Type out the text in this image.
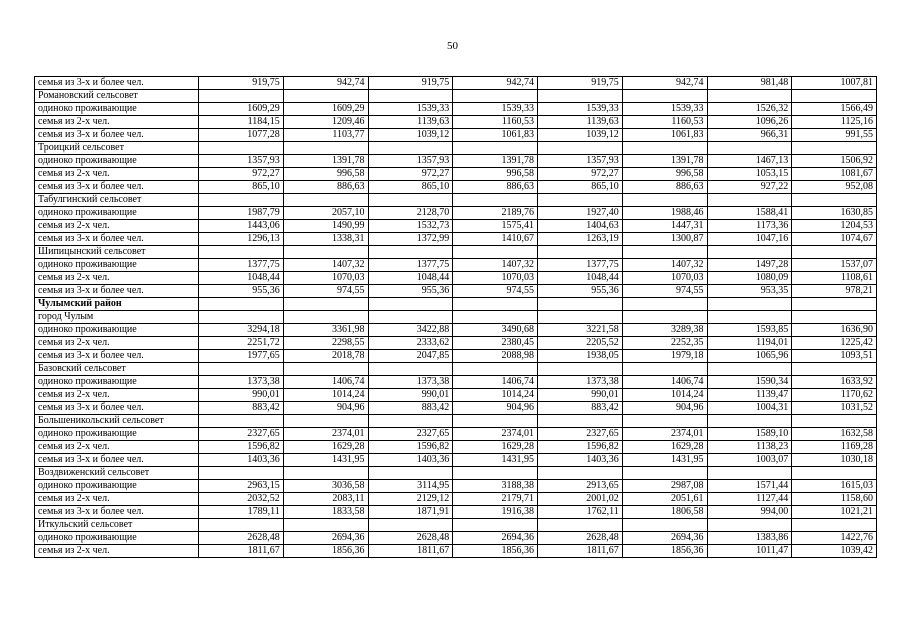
50
семья из 3-х и более чел.	919,75	942,74	919,75	942,74	919,75	942,74	981,48	1007,81
Романовский сельсовет								
одиноко проживающие	1609,29	1609,29	1539,33	1539,33	1539,33	1539,33	1526,32	1566,49
семья из 2-х чел.	1184,15	1209,46	1139,63	1160,53	1139,63	1160,53	1096,26	1125,16
семья из 3-х и более чел.	1077,28	1103,77	1039,12	1061,83	1039,12	1061,83	966,31	991,55
Троицкий сельсовет								
одиноко проживающие	1357,93	1391,78	1357,93	1391,78	1357,93	1391,78	1467,13	1506,92
семья из 2-х чел.	972,27	996,58	972,27	996,58	972,27	996,58	1053,15	1081,67
семья из 3-х и более чел.	865,10	886,63	865,10	886,63	865,10	886,63	927,22	952,08
Табулгинский сельсовет								
одиноко проживающие	1987,79	2057,10	2128,70	2189,76	1927,40	1988,46	1588,41	1630,85
семья из 2-х чел.	1443,06	1490,99	1532,73	1575,41	1404,63	1447,31	1173,36	1204,53
семья из 3-х и более чел.	1296,13	1338,31	1372,99	1410,67	1263,19	1300,87	1047,16	1074,67
Шипицынский сельсовет								
одиноко проживающие	1377,75	1407,32	1377,75	1407,32	1377,75	1407,32	1497,28	1537,07
семья из 2-х чел.	1048,44	1070,03	1048,44	1070,03	1048,44	1070,03	1080,09	1108,61
семья из 3-х и более чел.	955,36	974,55	955,36	974,55	955,36	974,55	953,35	978,21
Чулымский район								
город Чулым								
одиноко проживающие	3294,18	3361,98	3422,88	3490,68	3221,58	3289,38	1593,85	1636,90
семья из 2-х чел.	2251,72	2298,55	2333,62	2380,45	2205,52	2252,35	1194,01	1225,42
семья из 3-х и более чел.	1977,65	2018,78	2047,85	2088,98	1938,05	1979,18	1065,96	1093,51
Базовский сельсовет								
одиноко проживающие	1373,38	1406,74	1373,38	1406,74	1373,38	1406,74	1590,34	1633,92
семья из 2-х чел.	990,01	1014,24	990,01	1014,24	990,01	1014,24	1139,47	1170,62
семья из 3-х и более чел.	883,42	904,96	883,42	904,96	883,42	904,96	1004,31	1031,52
Большеникольский сельсовет								
одиноко проживающие	2327,65	2374,01	2327,65	2374,01	2327,65	2374,01	1589,10	1632,58
семья из 2-х чел.	1596,82	1629,28	1596,82	1629,28	1596,82	1629,28	1138,23	1169,28
семья из 3-х и более чел.	1403,36	1431,95	1403,36	1431,95	1403,36	1431,95	1003,07	1030,18
Воздвиженский сельсовет								
одиноко проживающие	2963,15	3036,58	3114,95	3188,38	2913,65	2987,08	1571,44	1615,03
семья из 2-х чел.	2032,52	2083,11	2129,12	2179,71	2001,02	2051,61	1127,44	1158,60
семья из 3-х и более чел.	1789,11	1833,58	1871,91	1916,38	1762,11	1806,58	994,00	1021,21
Иткульский сельсовет								
одиноко проживающие	2628,48	2694,36	2628,48	2694,36	2628,48	2694,36	1383,86	1422,76
семья из 2-х чел.	1811,67	1856,36	1811,67	1856,36	1811,67	1856,36	1011,47	1039,42
